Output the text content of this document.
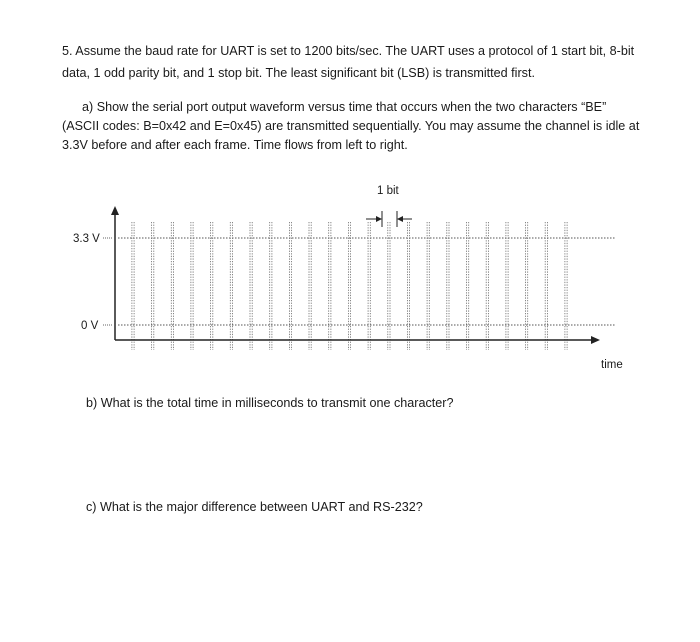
5. Assume the baud rate for UART is set to 1200 bits/sec. The UART uses a protocol of 1 start bit, 8-bit
data, 1 odd parity bit, and 1 stop bit. The least significant bit (LSB) is transmitted first.
a) Show the serial port output waveform versus time that occurs when the two characters “BE”
(ASCII codes: B=0x42 and E=0x45) are transmitted sequentially. You may assume the channel is idle at
3.3V before and after each frame. Time flows from left to right.
3.3 V
0 V
time
1 bit
b) What is the total time in milliseconds to transmit one character?
c) What is the major difference between UART and RS-232?
